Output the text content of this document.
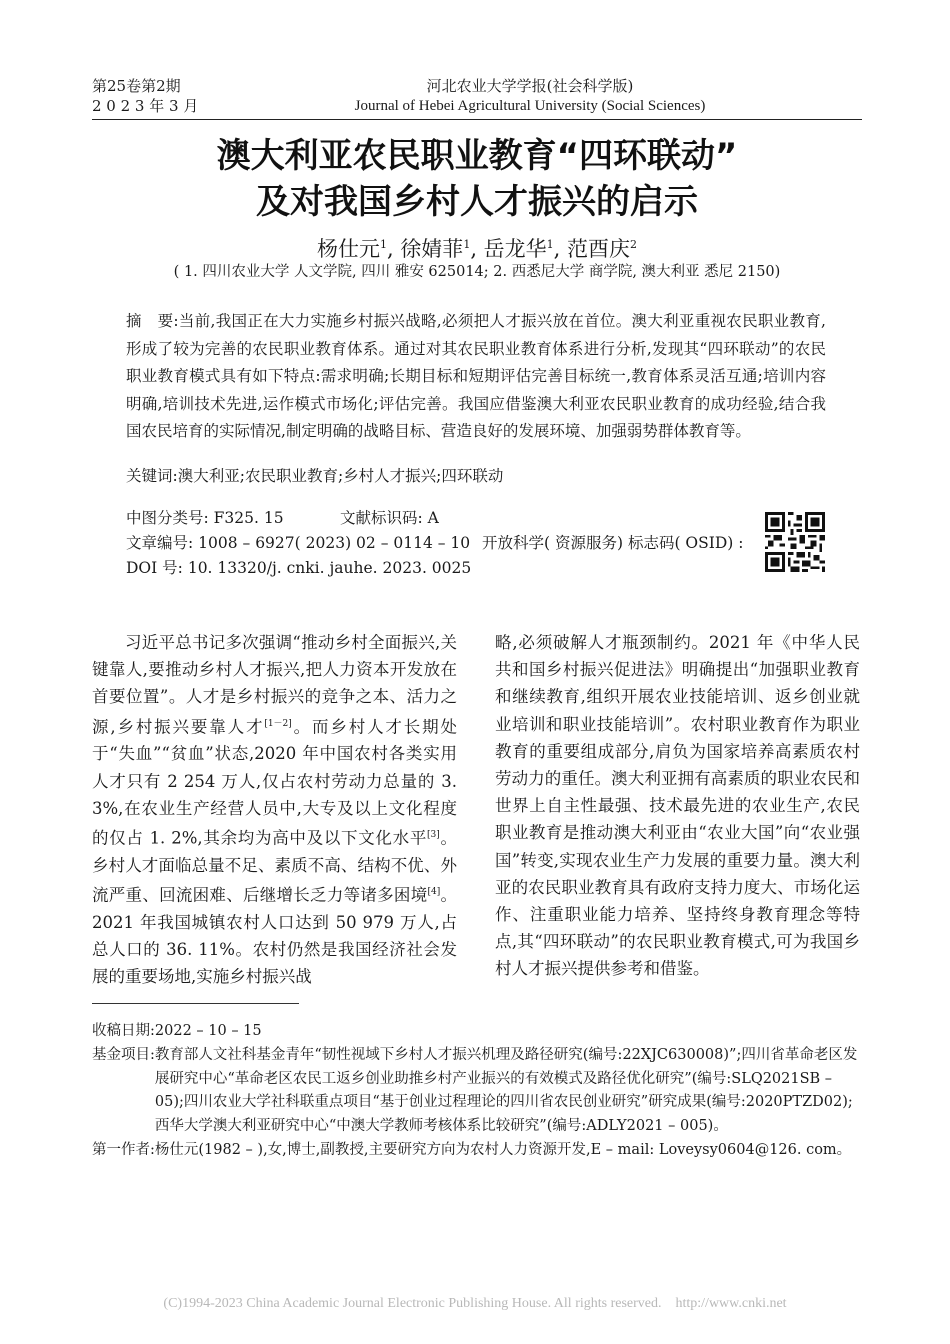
第25卷第2期
2 0 2 3 年 3 月
河北农业大学学报(社会科学版)
Journal of Hebei Agricultural University (Social Sciences)
澳大利亚农民职业教育“四环联动”
及对我国乡村人才振兴的启示
杨仕元$^1$, 徐婧菲$^1$, 岳龙华$^1$, 范酉庆$^2$
( 1. 四川农业大学 人文学院, 四川 雅安 625014; 2. 西悉尼大学 商学院, 澳大利亚 悉尼 2150)
摘　要:当前,我国正在大力实施乡村振兴战略,必须把人才振兴放在首位。澳大利亚重视农民职业教育,形成了较为完善的农民职业教育体系。通过对其农民职业教育体系进行分析,发现其“四环联动”的农民职业教育模式具有如下特点:需求明确;长期目标和短期评估完善目标统一,教育体系灵活互通;培训内容明确,培训技术先进,运作模式市场化;评估完善。我国应借鉴澳大利亚农民职业教育的成功经验,结合我国农民培育的实际情况,制定明确的战略目标、营造良好的发展环境、加强弱势群体教育等。
关键词:澳大利亚;农民职业教育;乡村人才振兴;四环联动
中图分类号: F325. 15	文献标识码: A
文章编号: 1008 – 6927( 2023) 02 – 0114 – 10
DOI 号: 10. 13320/j. cnki. jauhe. 2023. 0025
开放科学( 资源服务) 标志码( OSID) :
习近平总书记多次强调“推动乡村全面振兴,关键靠人,要推动乡村人才振兴,把人力资本开发放在首要位置”。人才是乡村振兴的竞争之本、活力之源,乡村振兴要靠人才[1－2]。而乡村人才长期处于“失血”“贫血”状态,2020 年中国农村各类实用人才只有 2 254 万人,仅占农村劳动力总量的 3. 3%,在农业生产经营人员中,大专及以上文化程度的仅占 1. 2%,其余均为高中及以下文化水平[3]。乡村人才面临总量不足、素质不高、结构不优、外流严重、回流困难、后继增长乏力等诸多困境[4]。2021 年我国城镇农村人口达到 50 979 万人,占总人口的 36. 11%。农村仍然是我国经济社会发展的重要场地,实施乡村振兴战
略,必须破解人才瓶颈制约。2021 年《中华人民共和国乡村振兴促进法》明确提出“加强职业教育和继续教育,组织开展农业技能培训、返乡创业就业培训和职业技能培训”。农村职业教育作为职业教育的重要组成部分,肩负为国家培养高素质农村劳动力的重任。澳大利亚拥有高素质的职业农民和世界上自主性最强、技术最先进的农业生产,农民职业教育是推动澳大利亚由“农业大国”向“农业强国”转变,实现农业生产力发展的重要力量。澳大利亚的农民职业教育具有政府支持力度大、市场化运作、注重职业能力培养、坚持终身教育理念等特点,其“四环联动”的农民职业教育模式,可为我国乡村人才振兴提供参考和借鉴。
收稿日期: 2022 – 10 – 15
基金项目: 教育部人文社科基金青年“韧性视域下乡村人才振兴机理及路径研究(编号:22XJC630008)”;四川省革命老区发展研究中心“革命老区农民工返乡创业助推乡村产业振兴的有效模式及路径优化研究”(编号:SLQ2021SB – 05);四川农业大学社科联重点项目“基于创业过程理论的四川省农民创业研究”研究成果(编号:2020PTZD02);西华大学澳大利亚研究中心“中澳大学教师考核体系比较研究”(编号:ADLY2021 – 005)。
第一作者: 杨仕元(1982 – ),女,博士,副教授,主要研究方向为农村人力资源开发,E – mail: Loveysy0604@126. com。
(C)1994-2023 China Academic Journal Electronic Publishing House. All rights reserved.    http://www.cnki.net
